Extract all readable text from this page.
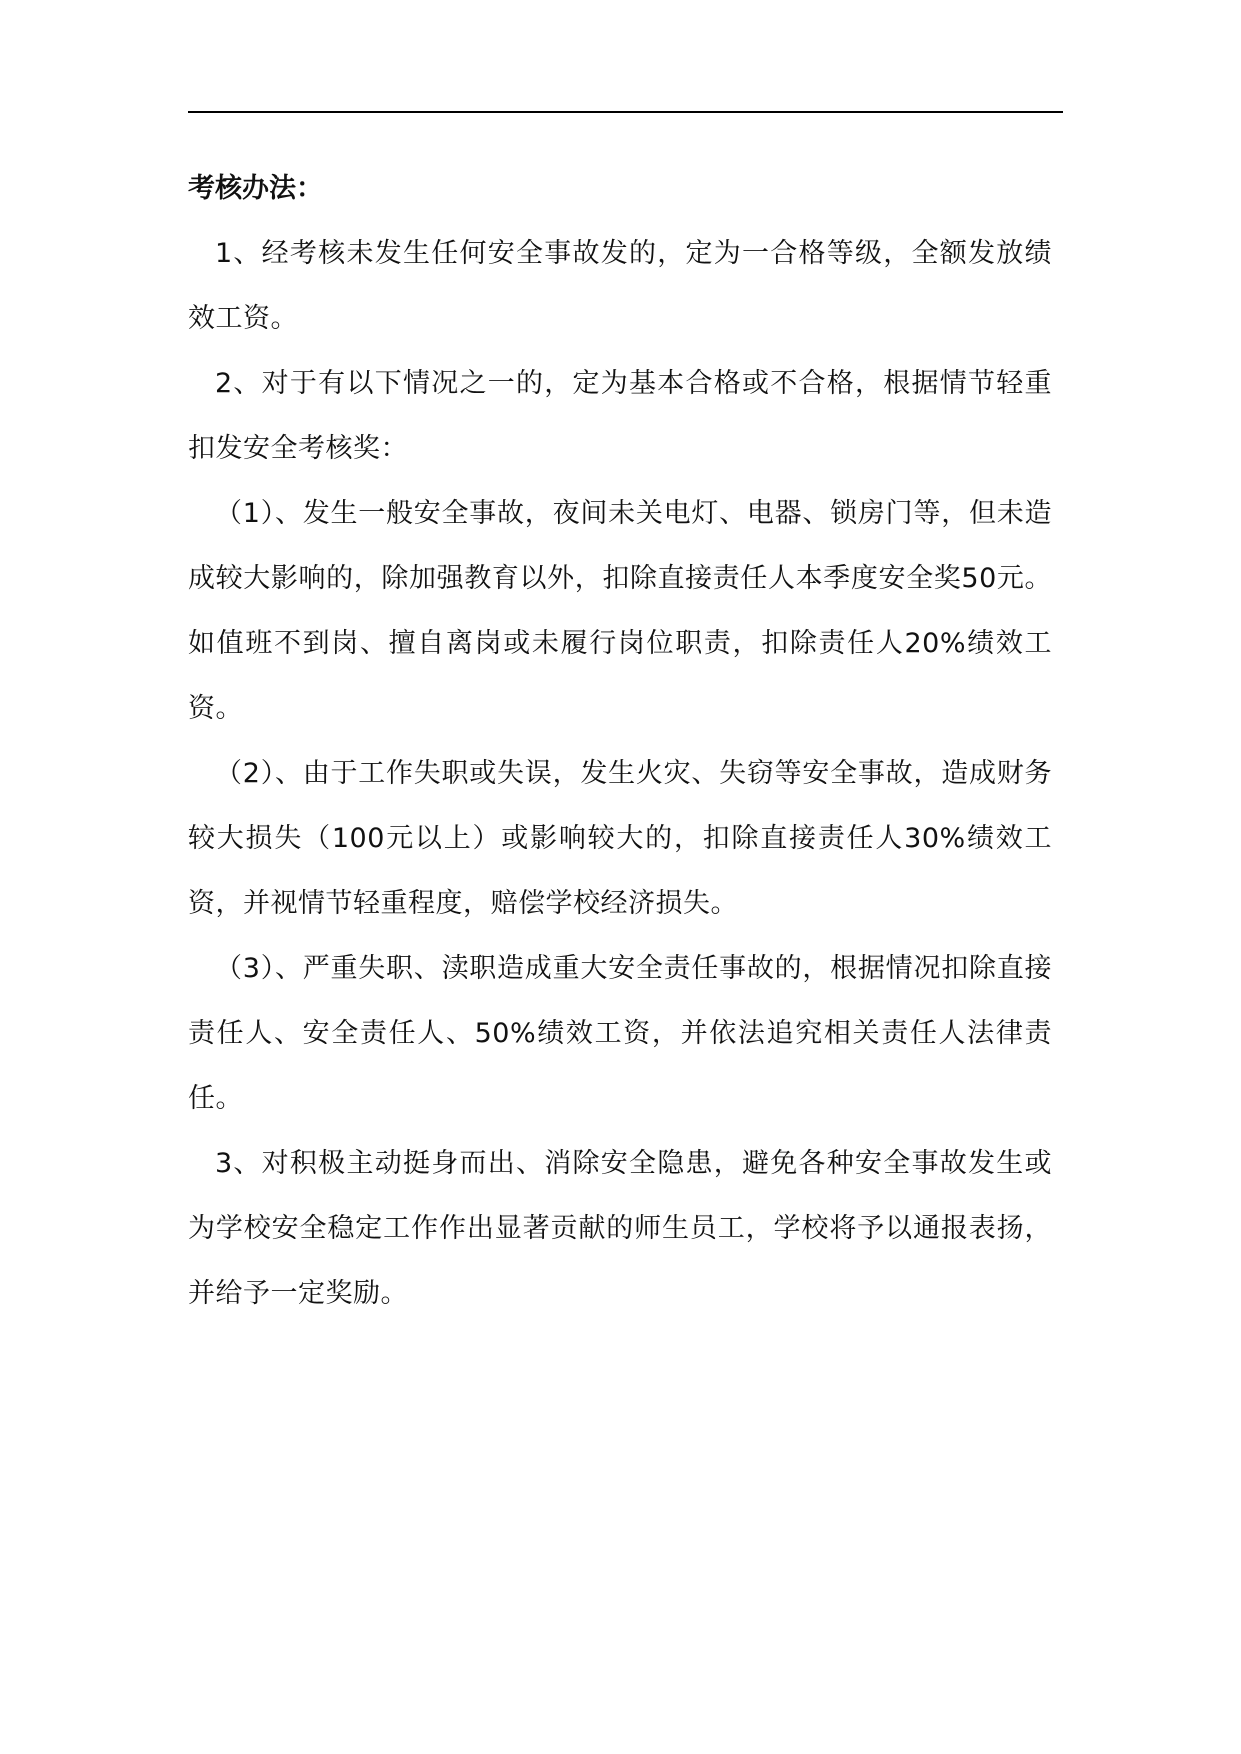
考核办法：

1、经考核未发生任何安全事故发的，定为一合格等级，全额发放绩效工资。

2、对于有以下情况之一的，定为基本合格或不合格，根据情节轻重扣发安全考核奖：

（1）、发生一般安全事故，夜间未关电灯、电器、锁房门等，但未造成较大影响的，除加强教育以外，扣除直接责任人本季度安全奖50元。如值班不到岗、擅自离岗或未履行岗位职责，扣除责任人20%绩效工资。

（2）、由于工作失职或失误，发生火灾、失窃等安全事故，造成财务较大损失（100元以上）或影响较大的，扣除直接责任人30%绩效工资，并视情节轻重程度，赔偿学校经济损失。

（3）、严重失职、渎职造成重大安全责任事故的，根据情况扣除直接责任人、安全责任人、50%绩效工资，并依法追究相关责任人法律责任。

3、对积极主动挺身而出、消除安全隐患，避免各种安全事故发生或为学校安全稳定工作作出显著贡献的师生员工，学校将予以通报表扬，并给予一定奖励。
